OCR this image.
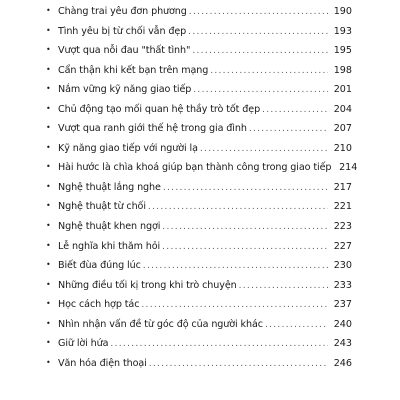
• Chàng trai yêu đơn phương .....	190
• Tình yêu bị từ chối vẫn đẹp .....	193
• Vượt qua nỗi đau "thất tình" .....	195
• Cẩn thận khi kết bạn trên mạng .....	198
• Nắm vững kỹ năng giao tiếp .....	201
• Chủ động tạo mối quan hệ thầy trò tốt đẹp .....	204
• Vượt qua ranh giới thế hệ trong gia đình .....	207
• Kỹ năng giao tiếp với người lạ .....	210
• Hài hước là chìa khoá giúp bạn thành công trong giao tiếp 214
• Nghệ thuật lắng nghe .....	217
• Nghệ thuật từ chối .....	221
• Nghệ thuật khen ngợi .....	223
• Lễ nghĩa khi thăm hỏi .....	227
• Biết đùa đúng lúc .....	230
• Những điều tối kị trong khi trò chuyện .....	233
• Học cách hợp tác .....	237
• Nhìn nhận vấn đề từ góc độ của người khác .....	240
• Giữ lời hứa .....	243
• Văn hóa điện thoại .....	246
